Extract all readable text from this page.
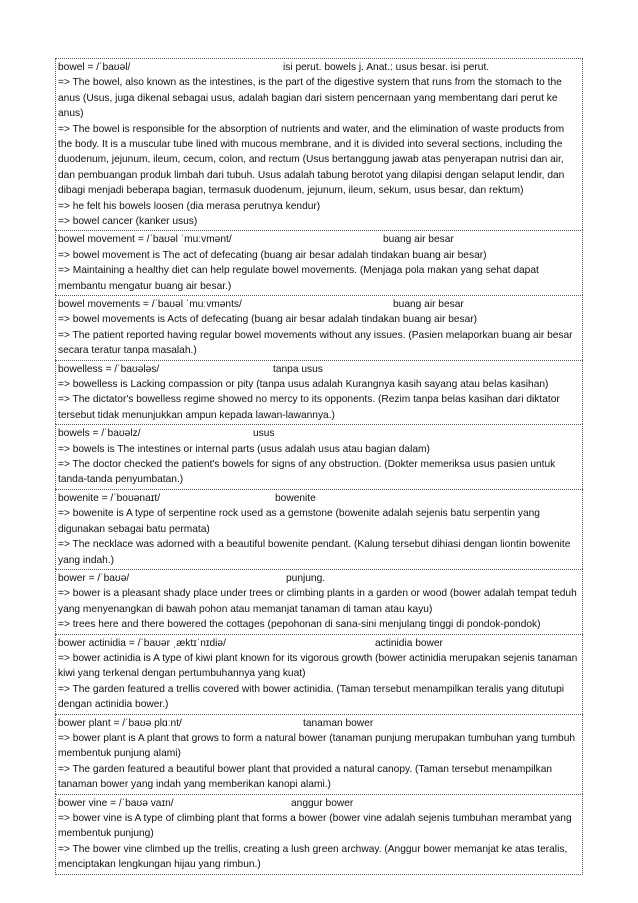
bowel = /ˈbaʊəl/	isi perut. bowels j. Anat.: usus besar. isi perut.
=> The bowel, also known as the intestines, is the part of the digestive system that runs from the stomach to the anus (Usus, juga dikenal sebagai usus, adalah bagian dari sistem pencernaan yang membentang dari perut ke anus)
=> The bowel is responsible for the absorption of nutrients and water, and the elimination of waste products from the body. It is a muscular tube lined with mucous membrane, and it is divided into several sections, including the duodenum, jejunum, ileum, cecum, colon, and rectum (Usus bertanggung jawab atas penyerapan nutrisi dan air, dan pembuangan produk limbah dari tubuh. Usus adalah tabung berotot yang dilapisi dengan selaput lendir, dan dibagi menjadi beberapa bagian, termasuk duodenum, jejunum, ileum, sekum, usus besar, dan rektum)
=> he felt his bowels loosen (dia merasa perutnya kendur)
=> bowel cancer (kanker usus)
bowel movement = /ˈbaʊəl ˈmuːvmənt/	buang air besar
=> bowel movement is The act of defecating (buang air besar adalah tindakan buang air besar)
=> Maintaining a healthy diet can help regulate bowel movements. (Menjaga pola makan yang sehat dapat membantu mengatur buang air besar.)
bowel movements = /ˈbaʊəl ˈmuːvmənts/	buang air besar
=> bowel movements is Acts of defecating (buang air besar adalah tindakan buang air besar)
=> The patient reported having regular bowel movements without any issues. (Pasien melaporkan buang air besar secara teratur tanpa masalah.)
bowelless = /ˈbaʊələs/	tanpa usus
=> bowelless is Lacking compassion or pity (tanpa usus adalah Kurangnya kasih sayang atau belas kasihan)
=> The dictator's bowelless regime showed no mercy to its opponents. (Rezim tanpa belas kasihan dari diktator tersebut tidak menunjukkan ampun kepada lawan-lawannya.)
bowels = /ˈbaʊəlz/	usus
=> bowels is The intestines or internal parts (usus adalah usus atau bagian dalam)
=> The doctor checked the patient's bowels for signs of any obstruction. (Dokter memeriksa usus pasien untuk tanda-tanda penyumbatan.)
bowenite = /ˈboʊənaɪt/	bowenite
=> bowenite is A type of serpentine rock used as a gemstone (bowenite adalah sejenis batu serpentin yang digunakan sebagai batu permata)
=> The necklace was adorned with a beautiful bowenite pendant. (Kalung tersebut dihiasi dengan liontin bowenite yang indah.)
bower = /ˈbaʊə/	punjung.
=> bower is a pleasant shady place under trees or climbing plants in a garden or wood (bower adalah tempat teduh yang menyenangkan di bawah pohon atau memanjat tanaman di taman atau kayu)
=> trees here and there bowered the cottages (pepohonan di sana-sini menjulang tinggi di pondok-pondok)
bower actinidia = /ˈbaʊər ˌæktɪˈnɪdiə/	actinidia bower
=> bower actinidia is A type of kiwi plant known for its vigorous growth (bower actinidia merupakan sejenis tanaman kiwi yang terkenal dengan pertumbuhannya yang kuat)
=> The garden featured a trellis covered with bower actinidia. (Taman tersebut menampilkan teralis yang ditutupi dengan actinidia bower.)
bower plant = /ˈbaʊə plɑːnt/	tanaman bower
=> bower plant is A plant that grows to form a natural bower (tanaman punjung merupakan tumbuhan yang tumbuh membentuk punjung alami)
=> The garden featured a beautiful bower plant that provided a natural canopy. (Taman tersebut menampilkan tanaman bower yang indah yang memberikan kanopi alami.)
bower vine = /ˈbaʊə vaɪn/	anggur bower
=> bower vine is A type of climbing plant that forms a bower (bower vine adalah sejenis tumbuhan merambat yang membentuk punjung)
=> The bower vine climbed up the trellis, creating a lush green archway. (Anggur bower memanjat ke atas teralis, menciptakan lengkungan hijau yang rimbun.)
